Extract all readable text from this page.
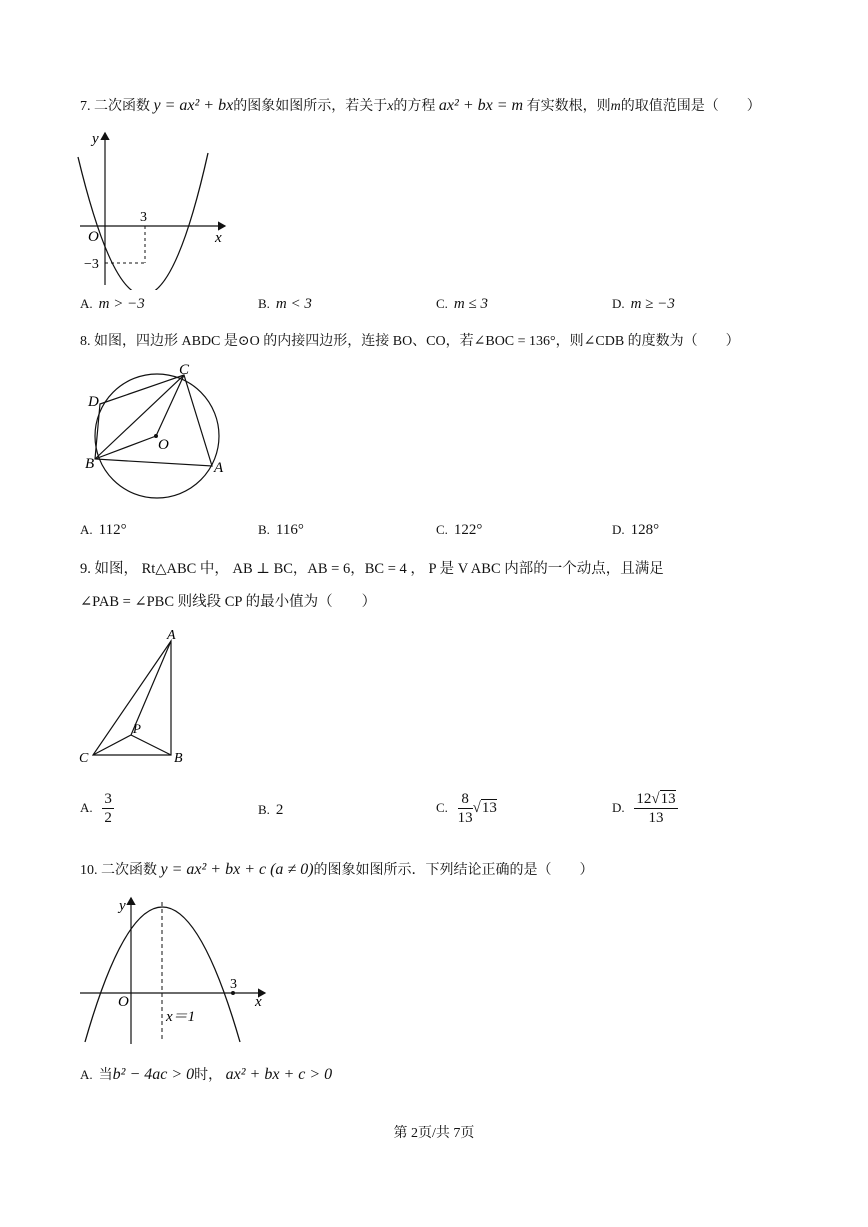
7. 二次函数 y = ax² + bx的图象如图所示，若关于x的方程 ax² + bx = m 有实数根，则m的取值范围是（　　）
y
x
O
3
−3
A. m > −3	B. m < 3	C. m ≤ 3	D. m ≥ −3
8. 如图，四边形 ABDC 是⊙O 的内接四边形，连接 BO、CO，若∠BOC = 136°，则∠CDB 的度数为（　　）
C
D
O
B	A
A. 112°	B. 116°	C. 122°	D. 128°
9. 如图， Rt△ABC 中， AB ⊥ BC，AB = 6，BC = 4 ， P 是 V ABC 内部的一个动点，且满足
∠PAB = ∠PBC 则线段 CP 的最小值为（　　）
A
P
C	B
A. $\frac{3}{2}$	B. 2	C. $\frac{8}{13} √13$	D. $\frac{12√13}{13}$
10. 二次函数 y = ax² + bx + c (a ≠ 0)的图象如图所示．下列结论正确的是（　　）
y
x
O
3
x＝1
A. 当b² − 4ac > 0时， ax² + bx + c > 0
第 2页/共 7页
